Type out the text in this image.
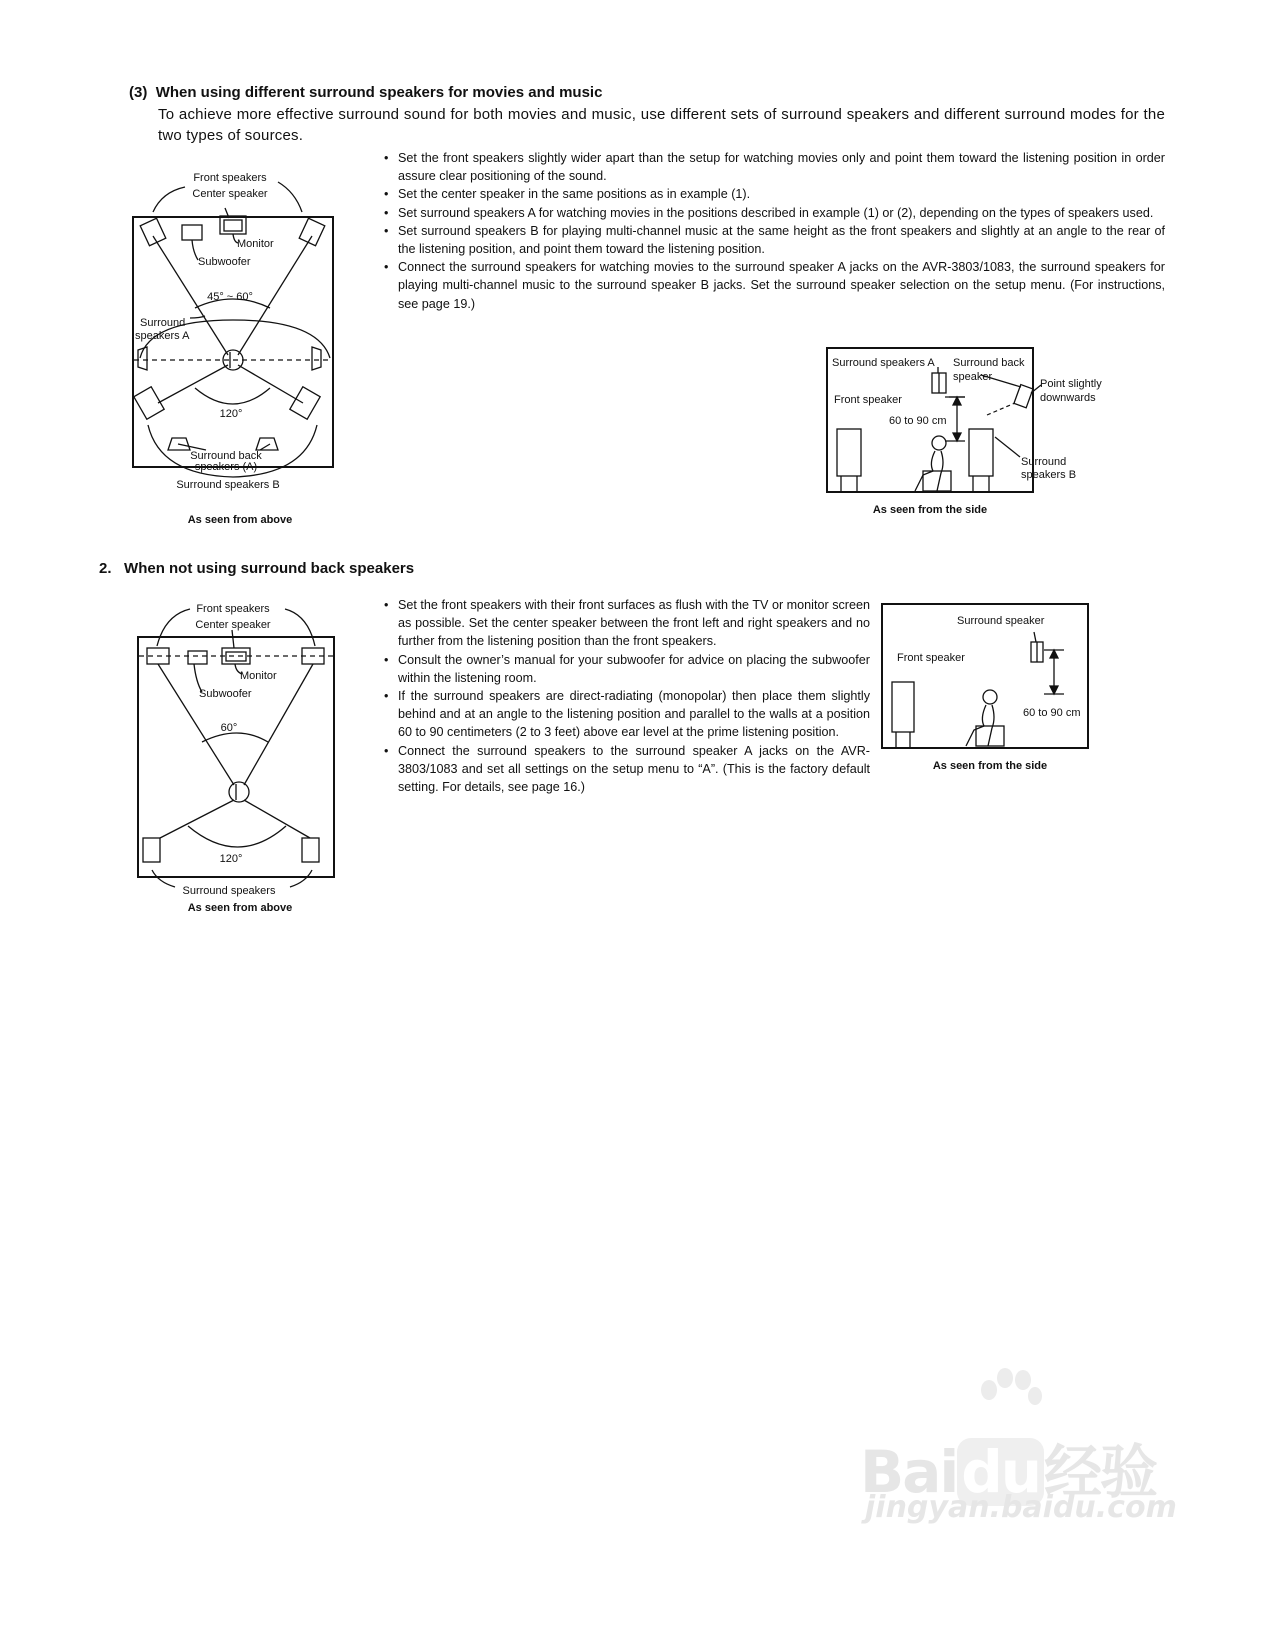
(3) When using different surround speakers for movies and music

To achieve more effective surround sound for both movies and music, use different sets of surround speakers and different surround modes for the two types of sources.

• Set the front speakers slightly wider apart than the setup for watching movies only and point them toward the listening position in order assure clear positioning of the sound.
• Set the center speaker in the same positions as in example (1).
• Set surround speakers A for watching movies in the positions described in example (1) or (2), depending on the types of speakers used.
• Set surround speakers B for playing multi-channel music at the same height as the front speakers and slightly at an angle to the rear of the listening position, and point them toward the listening position.
• Connect the surround speakers for watching movies to the surround speaker A jacks on the AVR-3803/1083, the surround speakers for playing multi-channel music to the surround speaker B jacks. Set the surround speaker selection on the setup menu. (For instructions, see page 19.)
Front speakers
Center speaker
Monitor
Subwoofer
45° ~ 60°
Surround
speakers A
120°
Surround back
speakers (A)
Surround speakers B
As seen from above
Surround speakers A Surround back
speaker
Point slightly
downwards
Front speaker
60 to 90 cm
Surround
speakers B
As seen from the side
2. When not using surround back speakers
• Set the front speakers with their front surfaces as flush with the TV or monitor screen as possible. Set the center speaker between the front left and right speakers and no further from the listening position than the front speakers.
• Consult the owner’s manual for your subwoofer for advice on placing the subwoofer within the listening room.
• If the surround speakers are direct-radiating (monopolar) then place them slightly behind and at an angle to the listening position and parallel to the walls at a position 60 to 90 centimeters (2 to 3 feet) above ear level at the prime listening position.
• Connect the surround speakers to the surround speaker A jacks on the AVR-3803/1083 and set all settings on the setup menu to “A”. (This is the factory default setting. For details, see page 16.)
Front speakers
Center speaker
Monitor
Subwoofer
60°
120°
Surround speakers
As seen from above
Surround speaker
Front speaker
60 to 90 cm
As seen from the side
Baidu经验
jingyan.baidu.com
